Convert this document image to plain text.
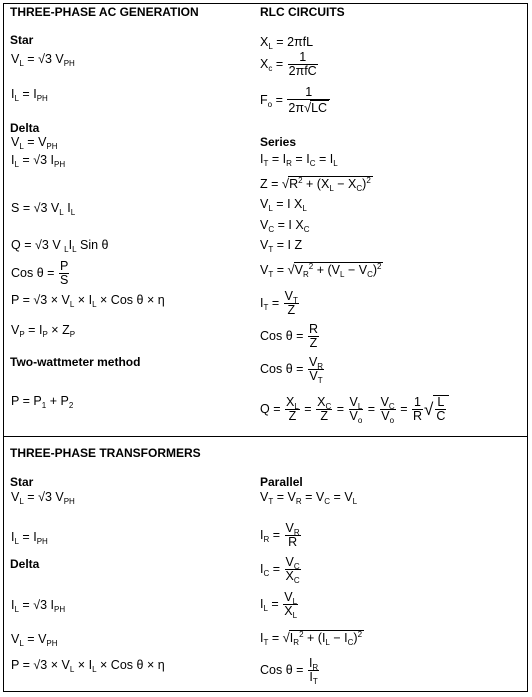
THREE-PHASE AC GENERATION	RLC CIRCUITS
THREE-PHASE TRANSFORMERS
Star
$V_L = √3$ $V_{PH}$
$I_L = I_{PH}$
Delta
$V_L = V_{PH}$
$I_L = √3$ $I_{PH}$
S = √3 $V_L$ $I_L$
Q = √3 V $_LI_L$ Sin θ
Cos $\theta = \frac{P}{S}$
$P = √3 \times V_L \times I_L$ × Cos θ × η
$V_P = I_P \times Z_P$
Two-wattmeter method
$P = P_1 + P_2$
$X_L = 2\pi fL$
$X_c = \frac{1}{\text{2πfC}}$
$F_o = \frac{1}{2\pi√LC}$
Series
$I_T = I_R = I_C = I_L$
$Z = √R^2 + (X_L - X_C)^2$
$V_L = I$ $X_L$
$V_C = I$ $X_C$
$V_T = I$ Z
$V_T = √V_R^2 + (V_L - V_C)^2$
$I_T = \frac{V_T}{Z}$
Cos $\theta = \frac{R}{Z}$
Cos $\theta = \frac{V_R}{V_T}$
$Q = \frac{X_L}{Z} = \frac{X_C}{Z} = \frac{V_L}{V_o} = \frac{V_C}{V_o} = \frac{1}{R}$ √ $\frac{L}{C}$
Star
$V_L = √3$ $V_{PH}$
$I_L = I_{PH}$
Delta
$I_L = √3$ $I_{PH}$
$V_L = V_{PH}$
$P = √3 \times V_L \times I_L$ × Cos θ × η
Parallel
$V_T = V_R = V_C = V_L$
$I_R = \frac{V_R}{R}$
$I_C = \frac{V_C}{X_C}$
$I_L = \frac{V_L}{X_L}$
$I_T = √I_R^2 + (I_L - I_C)^2$
Cos $\theta = \frac{I_R}{I_T}$
